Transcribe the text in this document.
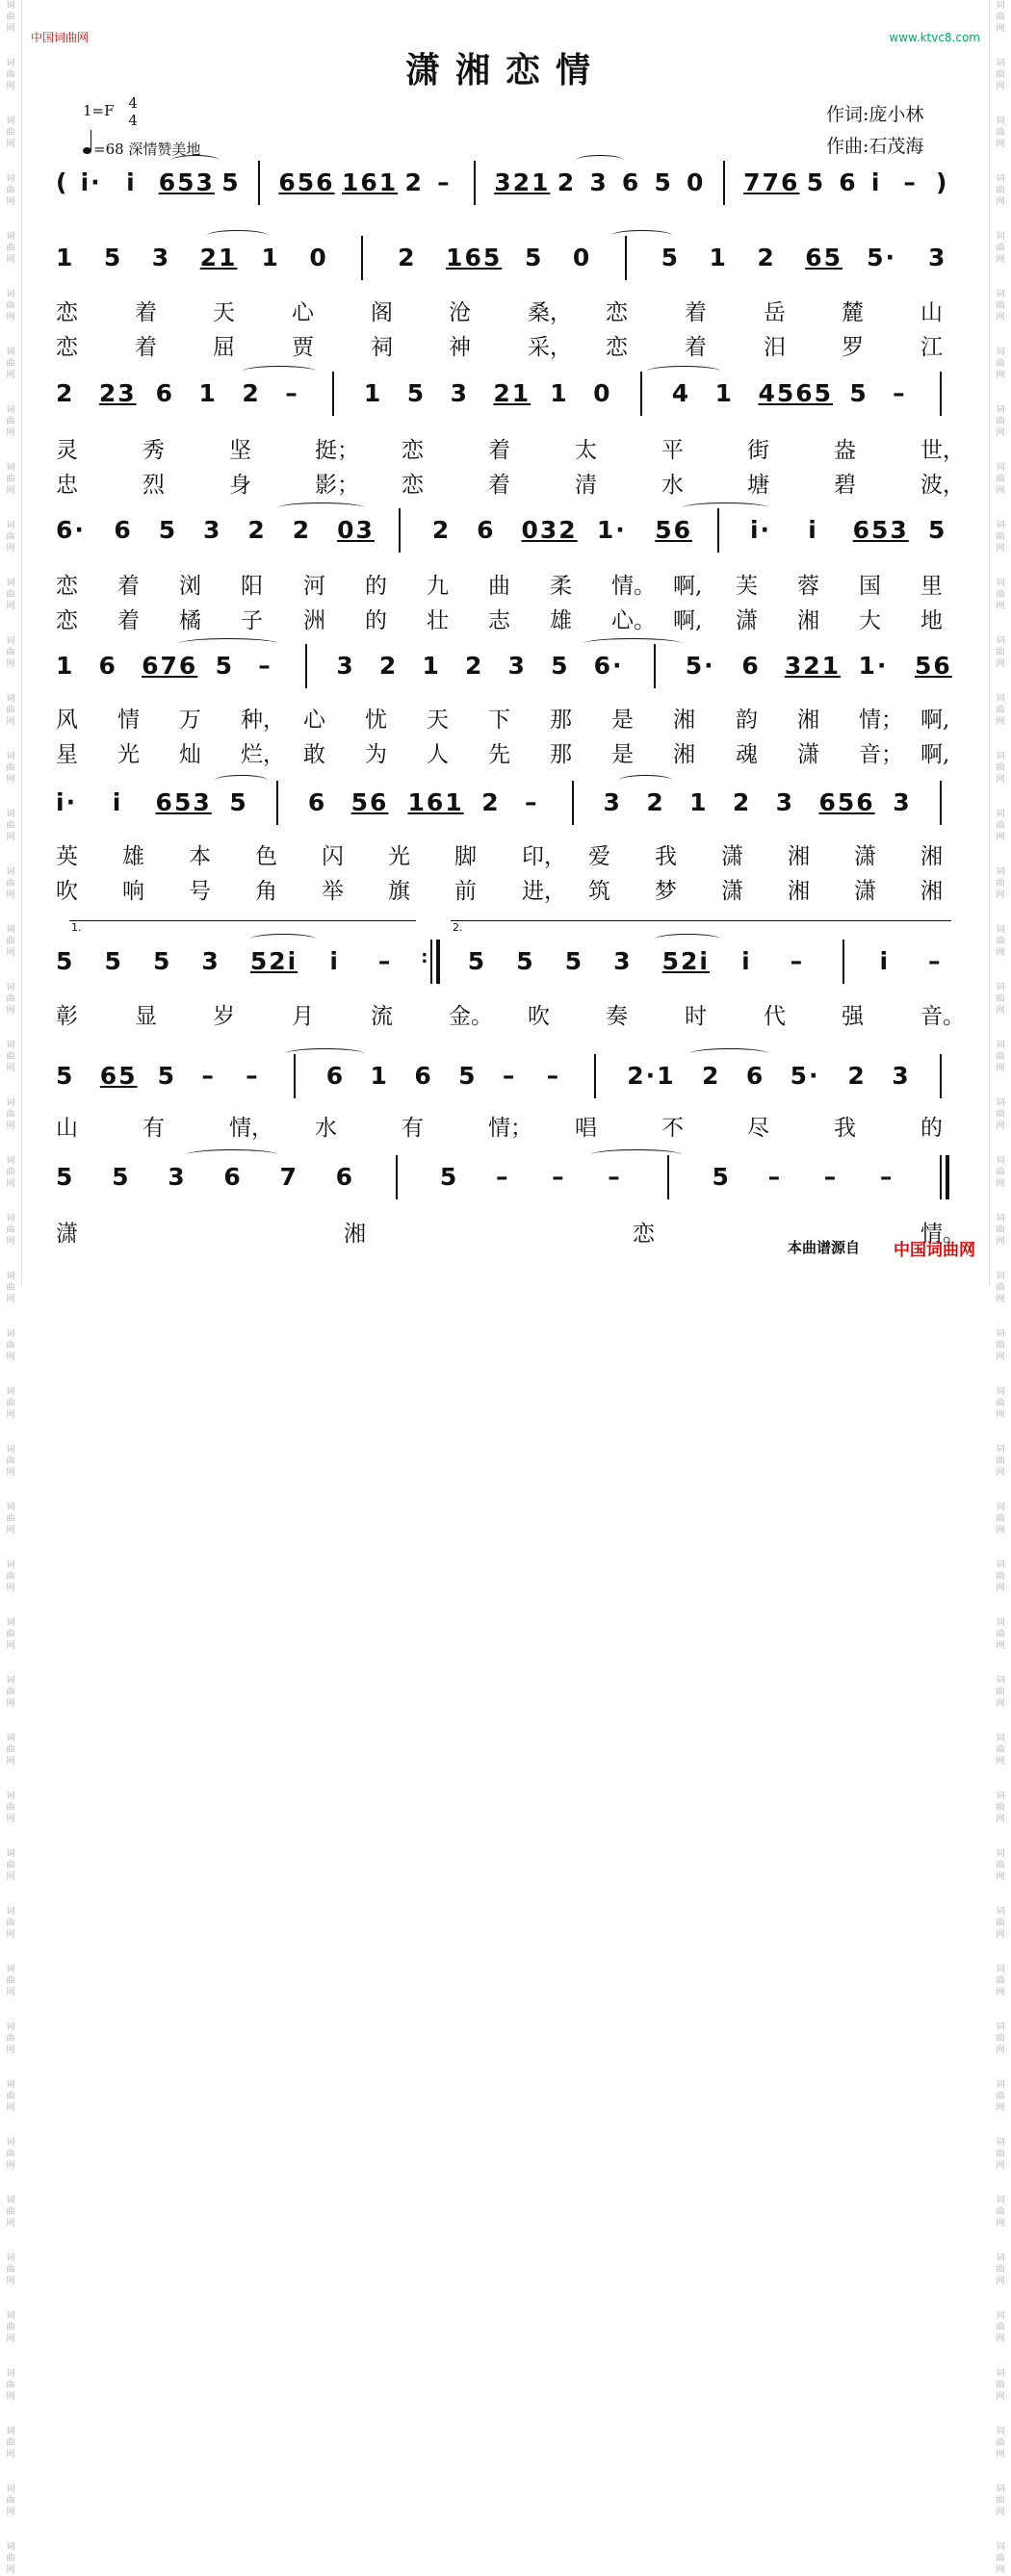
词
曲
网

词
曲
网

词
曲
网

词
曲
网

词
曲
网

词
曲
网

词
曲
网

词
曲
网

词
曲
网

词
曲
网

词
曲
网

词
曲
网

词
曲
网

词
曲
网

词
曲
网

词
曲
网

词
曲
网

词
曲
网

词
曲
网

词
曲
网

词
曲
网

词
曲
网

词
曲
网

词
曲
网

词
曲
网

词
曲
网

词
曲
网

词
曲
网

词
曲
网

词
曲
网

词
曲
网

词
曲
网

词
曲
网

词
曲
网

词
曲
网

词
曲
网

词
曲
网

词
曲
网

词
曲
网

词
曲
网

词
曲
网

词
曲
网

词
曲
网

词
曲
网

词
曲
网

词
曲
网

词
曲
网

词
曲
网

词
曲
网

词
曲
网

词
曲
网

词
曲
网

词
曲
网

词
曲
网

词
曲
网

词
曲
网

词
曲
网

词
曲
网

词
曲
网

词
曲
网

词
曲
网

词
曲
网

词
曲
网

词
曲
网

词
曲
网

词
曲
网

词
曲
网

词
曲
网

词
曲
网

词
曲
网

词
曲
网

词
曲
网

词
曲
网

词
曲
网

词
曲
网

词
曲
网

词
曲
网

词
曲
网

词
曲
网

词
曲
网

词
曲
网

词
曲
网

词
曲
网

词
曲
网

词
曲
网

词
曲
网

词
曲
网

词
曲
网

词
曲
网

词
曲
网

中国词曲网	www.ktvc8.com
潇湘恋情
1=F 4
4
=68 深情赞美地
作词:庞小林
作曲:石茂海
( i· i 653 5 656 161 2 – 321 2 3 6 5 0 776 5 6 i – )
1 5 3 21 1 0	2 165 5 0	5 1 2 65 5· 3
恋	着	天	心	阁	沧	桑， 恋	着	岳	麓	山
恋	着	屈	贾	祠	神	采， 恋	着	汨	罗	江
2 23 6 1 2 –	1 5 3 21 1 0 4 1 4565 5 –
灵	秀	坚	挺； 恋	着	太	平	街	盎	世，
忠	烈	身	影； 恋	着	清	水	塘	碧	波，
6· 6 5 3 2 2 03 2 6 032 1· 56 i· i 653 5
恋 着 浏 阳 河 的 九 曲 柔 情。 啊, 芙 蓉 国 里
恋 着 橘 子 洲 的 壮 志 雄 心。 啊, 潇 湘 大 地
1 6 676 5 –	3 2 1 2 3 5 6·	5· 6 321 1· 56
风 情 万 种， 心 忧 天 下 那 是 湘 韵 湘 情； 啊,
星 光 灿 烂， 敢 为 人 先 那 是 湘 魂 潇 音； 啊,
i· i 653 5 6 56 161 2 –	3 2 1 2 3 656 3
英 雄 本 色 闪 光 脚 印， 爱 我 潇 湘 潇 湘
吹 响 号 角 举 旗 前 进， 筑 梦 潇 湘 潇 湘
5 5 5 3 52i i – : 5 5 5 3 52i i –	i –
1.	2.
彰	显	岁	月	流	金。 吹	奏	时	代	强	音。
5 65 5 – –	6 1 6 5 – –	2·1 2 6 5· 2 3
山	有	情， 水	有	情； 唱	不	尽	我	的
5 5 3 6 7 6	5 – – –	5 – – –
潇	湘	恋	情。
本曲谱源自 中国词曲网
